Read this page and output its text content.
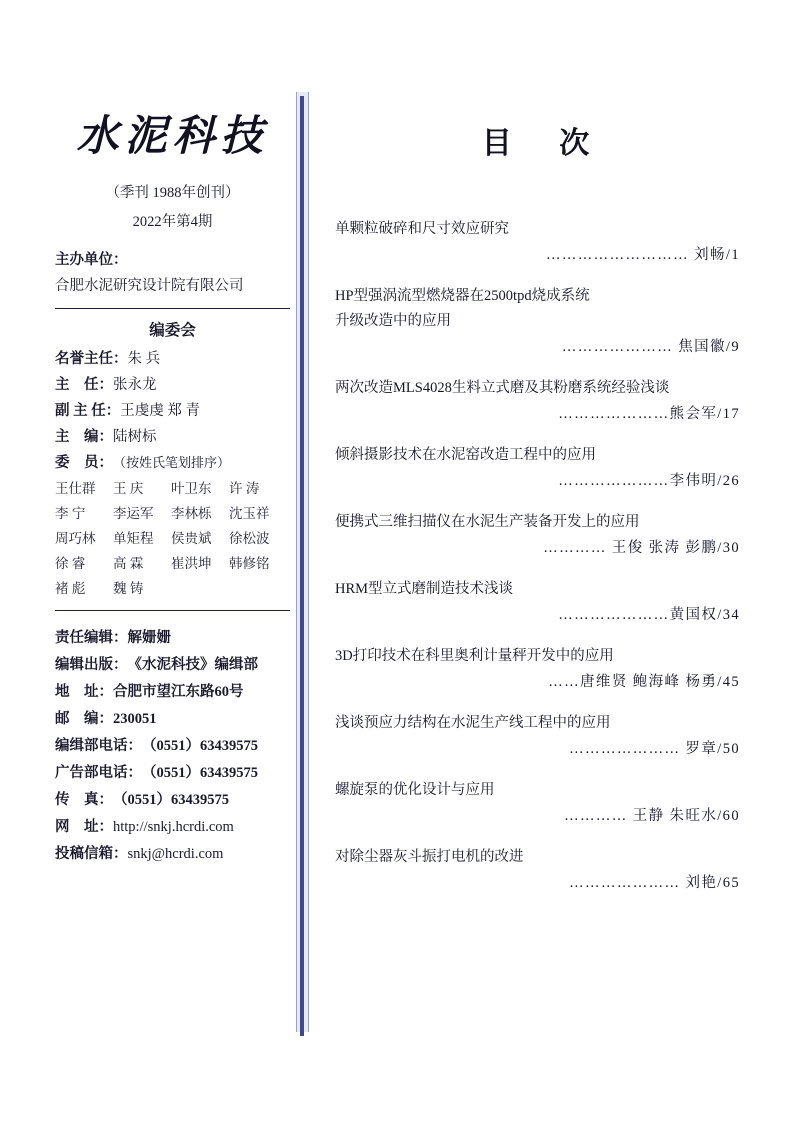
水泥科技
（季刊 1988年创刊）
2022年第4期
主办单位：
合肥水泥研究设计院有限公司
编委会
名誉主任： 朱 兵
主    任： 张永龙
副 主 任： 王虔虔 郑 青
主    编： 陆树标
委    员： （按姓氏笔划排序）
王仕群	王 庆	叶卫东	许 涛
李 宁	李运军	李林栎	沈玉祥
周巧林	单矩程	侯贵斌	徐松波
徐 睿	高 霖	崔洪坤	韩修铭
褚 彪	魏 铸
责任编辑： 解姗姗
编辑出版： 《水泥科技》编缉部
地    址： 合肥市望江东路60号
邮    编： 230051
编缉部电话： （0551）63439575
广告部电话： （0551）63439575
传    真： （0551）63439575
网    址： http://snkj.hcrdi.com
投稿信箱： snkj@hcrdi.com
目 次
单颗粒破碎和尺寸效应研究
……………………… 刘畅/1
HP型强涡流型燃烧器在2500tpd烧成系统
升级改造中的应用
………………… 焦国徽/9
两次改造MLS4028生料立式磨及其粉磨系统经验浅谈
…………………熊会军/17
倾斜摄影技术在水泥窑改造工程中的应用
…………………李伟明/26
便携式三维扫描仪在水泥生产装备开发上的应用
………… 王俊 张涛 彭鹏/30
HRM型立式磨制造技术浅谈
…………………黄国权/34
3D打印技术在科里奥利计量秤开发中的应用
……唐维贤 鲍海峰 杨勇/45
浅谈预应力结构在水泥生产线工程中的应用
………………… 罗章/50
螺旋泵的优化设计与应用
………… 王静 朱旺水/60
对除尘器灰斗振打电机的改进
………………… 刘艳/65
